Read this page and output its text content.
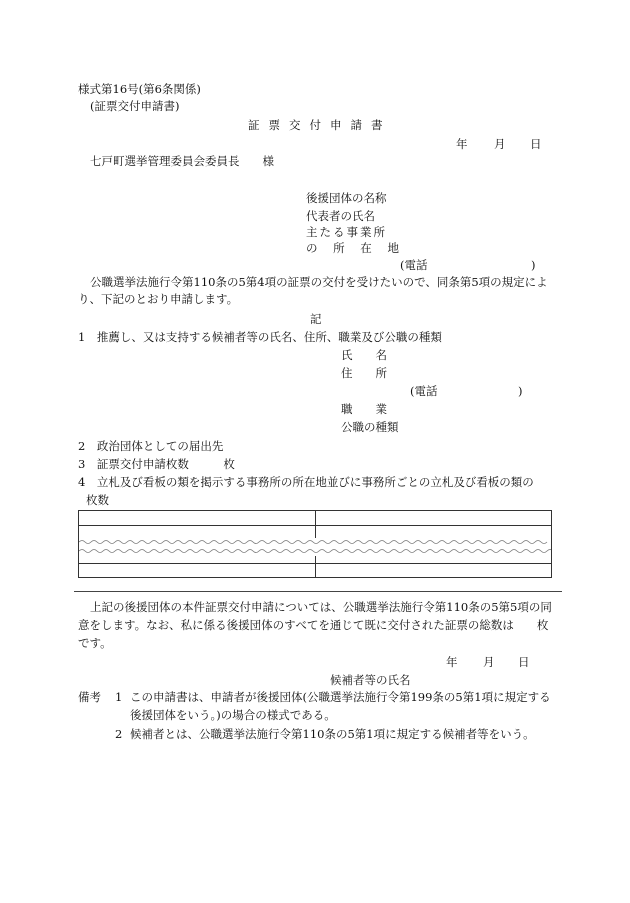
様式第16号(第6条関係)
(証票交付申請書)
証票交付申請書
年 月 日
七戸町選挙管理委員会委員長　　様
後援団体の名称
代表者の氏名
主たる事業所
の 所 在 地
(電話　　　　　　　　　)
公職選挙法施行令第110条の5第4項の証票の交付を受けたいので、同条第5項の規定によ
り、下記のとおり申請します。
記
1　推薦し、又は支持する候補者等の氏名、住所、職業及び公職の種類
氏　　名
住　　所
(電話　　　　　　　)
職　　業
公職の種類
2　政治団体としての届出先
3　証票交付申請枚数　　　枚
4　立札及び看板の類を掲示する事務所の所在地並びに事務所ごとの立札及び看板の類の
枚数
上記の後援団体の本件証票交付申請については、公職選挙法施行令第110条の5第5項の同
意をします。なお、私に係る後援団体のすべてを通じて既に交付された証票の総数は　　枚
です。
年 月 日
候補者等の氏名
備考 1 この申請書は、申請者が後援団体(公職選挙法施行令第199条の5第1項に規定する
後援団体をいう。)の場合の様式である。
2 候補者とは、公職選挙法施行令第110条の5第1項に規定する候補者等をいう。
